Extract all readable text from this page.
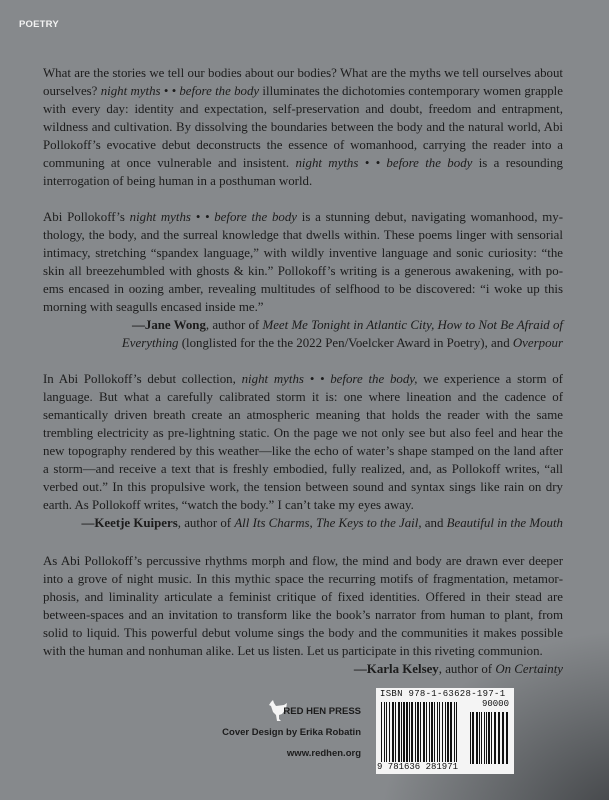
POETRY

What are the stories we tell our bodies about our bodies? What are the myths we tell ourselves about ourselves? night myths • • before the body illuminates the dichotomies contemporary women grapple with every day: identity and expectation, self-preservation and doubt, freedom and entrapment, wildness and cultivation. By dissolving the boundaries between the body and the natural world, Abi Pollokoff’s evocative debut deconstructs the essence of womanhood, carrying the reader into a communing at once vulnerable and insistent. night myths • • before the body is a resounding interrogation of being human in a posthuman world.

Abi Pollokoff’s night myths • • before the body is a stunning debut, navigating womanhood, mythology, the body, and the surreal knowledge that dwells within. These poems linger with sensorial intimacy, stretching “spandex language,” with wildly inventive language and sonic curiosity: “the skin all breezehumbled with ghosts & kin.” Pollokoff’s writing is a generous awakening, with poems encased in oozing amber, revealing multitudes of selfhood to be discovered: “i woke up this morning with seagulls encased inside me.”

—Jane Wong, author of Meet Me Tonight in Atlantic City, How to Not Be Afraid of Everything (longlisted for the the 2022 Pen/Voelcker Award in Poetry), and Overpour

In Abi Pollokoff’s debut collection, night myths • • before the body, we experience a storm of language. But what a carefully calibrated storm it is: one where lineation and the cadence of semantically driven breath create an atmospheric meaning that holds the reader with the same trembling electricity as pre-lightning static. On the page we not only see but also feel and hear the new topography rendered by this weather—like the echo of water’s shape stamped on the land after a storm—and receive a text that is freshly embodied, fully realized, and, as Pollokoff writes, “all verbed out.” In this propulsive work, the tension between sound and syntax sings like rain on dry earth. As Pollokoff writes, “watch the body.” I can’t take my eyes away.

—Keetje Kuipers, author of All Its Charms, The Keys to the Jail, and Beautiful in the Mouth

As Abi Pollokoff’s percussive rhythms morph and flow, the mind and body are drawn ever deeper into a grove of night music. In this mythic space the recurring motifs of fragmentation, metamorphosis, and liminality articulate a feminist critique of fixed identities. Offered in their stead are between-spaces and an invitation to transform like the book’s narrator from human to plant, from solid to liquid. This powerful debut volume sings the body and the communities it makes possible with the human and nonhuman alike. Let us listen. Let us participate in this riveting communion.

—Karla Kelsey, author of On Certainty

RED HEN PRESS
Cover Design by Erika Robatin
www.redhen.org
ISBN 978-1-63628-197-1
90000
9 781636 281971
